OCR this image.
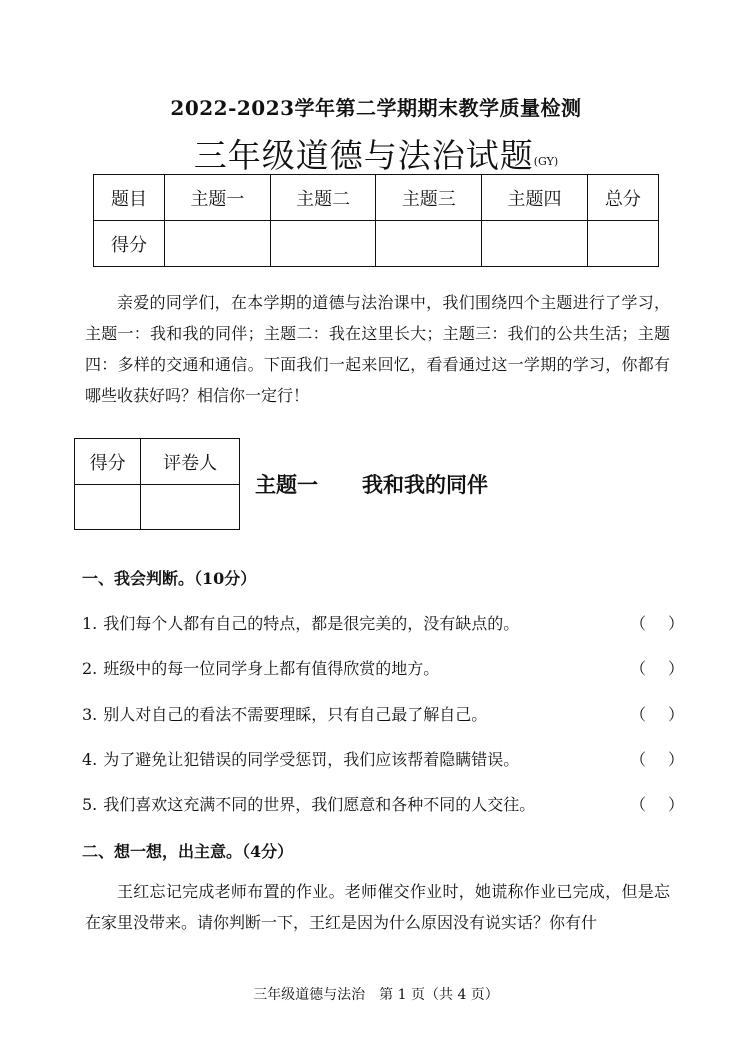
2022-2023学年第二学期期末教学质量检测
三年级道德与法治试题(GY)
题目	主题一	主题二	主题三	主题四	总分
得分					
亲爱的同学们，在本学期的道德与法治课中，我们围绕四个主题进行了学习，主题一：我和我的同伴；主题二：我在这里长大；主题三：我们的公共生活；主题四：多样的交通和通信。下面我们一起来回忆，看看通过这一学期的学习，你都有哪些收获好吗？相信你一定行！
得分	评卷人

主题一 我和我的同伴
一、我会判断。（10分）
1. 我们每个人都有自己的特点，都是很完美的，没有缺点的。	（）
2. 班级中的每一位同学身上都有值得欣赏的地方。	（）
3. 别人对自己的看法不需要理睬，只有自己最了解自己。	（）
4. 为了避免让犯错误的同学受惩罚，我们应该帮着隐瞒错误。	（）
5. 我们喜欢这充满不同的世界，我们愿意和各种不同的人交往。	（）
二、想一想，出主意。（4分）
王红忘记完成老师布置的作业。老师催交作业时，她谎称作业已完成，但是忘在家里没带来。请你判断一下，王红是因为什么原因没有说实话？你有什
三年级道德与法治　第 1 页（共 4 页）
